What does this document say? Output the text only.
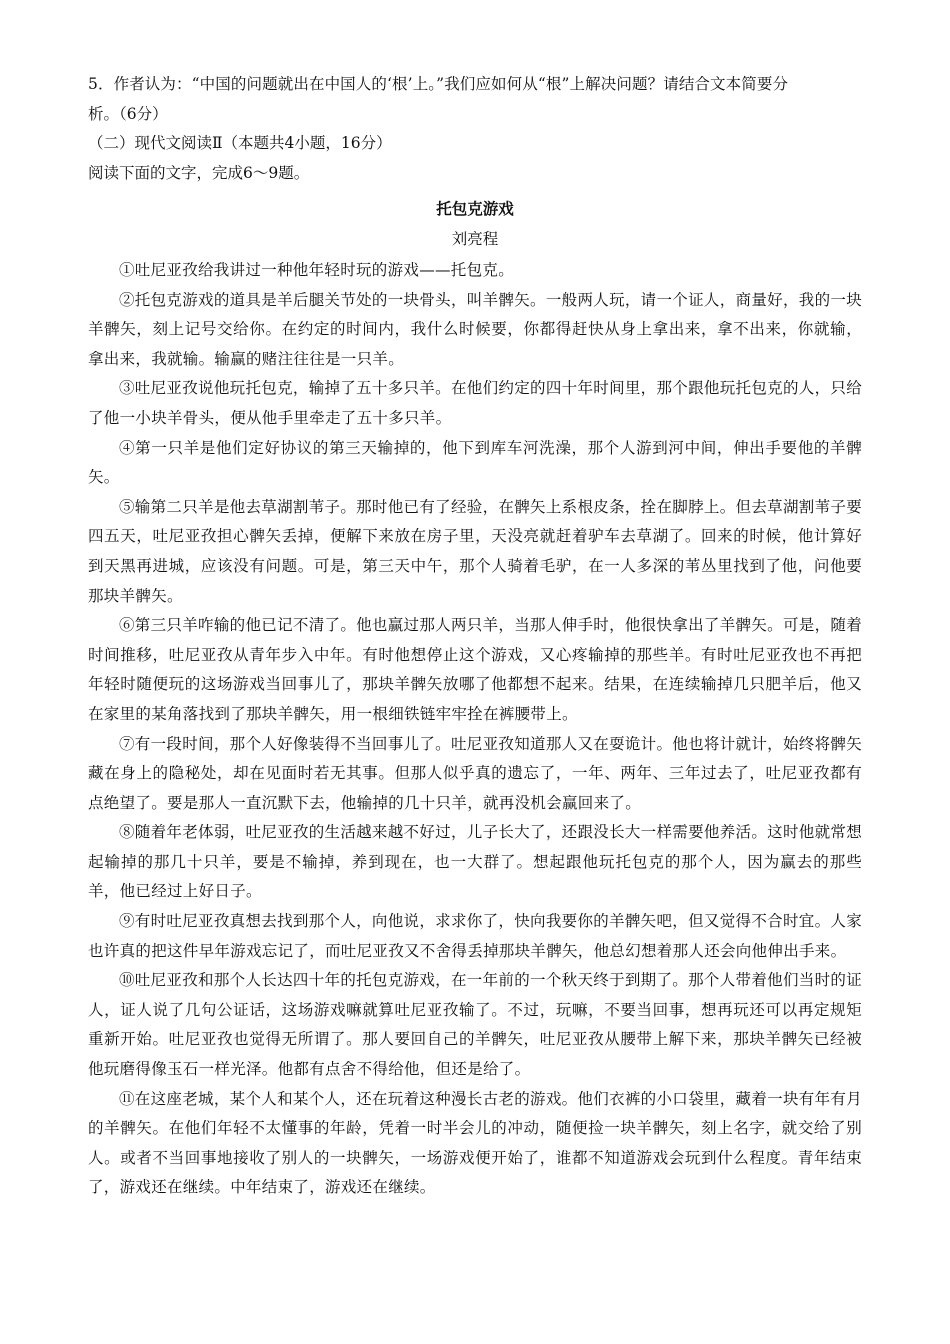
5．作者认为：“中国的问题就出在中国人的‘根’上。”我们应如何从“根”上解决问题？请结合文本简要分析。（6分）

（二）现代文阅读Ⅱ（本题共4小题，16分）

阅读下面的文字，完成6～9题。

托包克游戏

刘亮程

①吐尼亚孜给我讲过一种他年轻时玩的游戏——托包克。

②托包克游戏的道具是羊后腿关节处的一块骨头，叫羊髀矢。一般两人玩，请一个证人，商量好，我的一块羊髀矢，刻上记号交给你。在约定的时间内，我什么时候要，你都得赶快从身上拿出来，拿不出来，你就输，拿出来，我就输。输赢的赌注往往是一只羊。

③吐尼亚孜说他玩托包克，输掉了五十多只羊。在他们约定的四十年时间里，那个跟他玩托包克的人，只给了他一小块羊骨头，便从他手里牵走了五十多只羊。

④第一只羊是他们定好协议的第三天输掉的，他下到库车河洗澡，那个人游到河中间，伸出手要他的羊髀矢。

⑤输第二只羊是他去草湖割苇子。那时他已有了经验，在髀矢上系根皮条，拴在脚脖上。但去草湖割苇子要四五天，吐尼亚孜担心髀矢丢掉，便解下来放在房子里，天没亮就赶着驴车去草湖了。回来的时候，他计算好到天黑再进城，应该没有问题。可是，第三天中午，那个人骑着毛驴，在一人多深的苇丛里找到了他，问他要那块羊髀矢。

⑥第三只羊咋输的他已记不清了。他也赢过那人两只羊，当那人伸手时，他很快拿出了羊髀矢。可是，随着时间推移，吐尼亚孜从青年步入中年。有时他想停止这个游戏，又心疼输掉的那些羊。有时吐尼亚孜也不再把年轻时随便玩的这场游戏当回事儿了，那块羊髀矢放哪了他都想不起来。结果，在连续输掉几只肥羊后，他又在家里的某角落找到了那块羊髀矢，用一根细铁链牢牢拴在裤腰带上。

⑦有一段时间，那个人好像装得不当回事儿了。吐尼亚孜知道那人又在耍诡计。他也将计就计，始终将髀矢藏在身上的隐秘处，却在见面时若无其事。但那人似乎真的遗忘了，一年、两年、三年过去了，吐尼亚孜都有点绝望了。要是那人一直沉默下去，他输掉的几十只羊，就再没机会赢回来了。

⑧随着年老体弱，吐尼亚孜的生活越来越不好过，儿子长大了，还跟没长大一样需要他养活。这时他就常想起输掉的那几十只羊，要是不输掉，养到现在，也一大群了。想起跟他玩托包克的那个人，因为赢去的那些羊，他已经过上好日子。

⑨有时吐尼亚孜真想去找到那个人，向他说，求求你了，快向我要你的羊髀矢吧，但又觉得不合时宜。人家也许真的把这件早年游戏忘记了，而吐尼亚孜又不舍得丢掉那块羊髀矢，他总幻想着那人还会向他伸出手来。

⑩吐尼亚孜和那个人长达四十年的托包克游戏，在一年前的一个秋天终于到期了。那个人带着他们当时的证人，证人说了几句公证话，这场游戏嘛就算吐尼亚孜输了。不过，玩嘛，不要当回事，想再玩还可以再定规矩重新开始。吐尼亚孜也觉得无所谓了。那人要回自己的羊髀矢，吐尼亚孜从腰带上解下来，那块羊髀矢已经被他玩磨得像玉石一样光泽。他都有点舍不得给他，但还是给了。

⑪在这座老城，某个人和某个人，还在玩着这种漫长古老的游戏。他们衣裤的小口袋里，藏着一块有年有月的羊髀矢。在他们年轻不太懂事的年龄，凭着一时半会儿的冲动，随便捡一块羊髀矢，刻上名字，就交给了别人。或者不当回事地接收了别人的一块髀矢，一场游戏便开始了，谁都不知道游戏会玩到什么程度。青年结束了，游戏还在继续。中年结束了，游戏还在继续。
